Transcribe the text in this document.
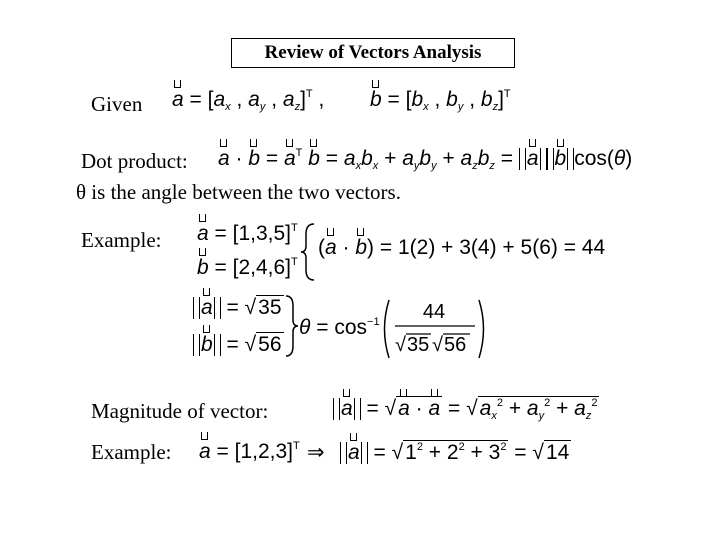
Review of Vectors Analysis
Given $a = [a_x$ , $a_y$ , $a_z]^T$ , $b = [b_x$ , $b_y$ , $b_z]^T$
Dot product: $a \cdot b = a^T$ $b = a_xb_x + a_yb_y + a_zb_z = a$ b cos(θ)
θ is the angle between the two vectors.
Example: $a = [1,3,5]^T$
$b = [2,4,6]^T$
(a · b) = 1(2) + 3(4) + 5(6) = 44
a = √35
b = √56
$\theta = \cos^{-1} 44$
√ 35 √ 56
Magnitude of vector:	$a = √a \cdot a = √a_x^2 + a_y^2 + a_z^2$
Example: $a = [1,2,3]^T$ ⇒	$a = √1^2 + 2^2 + 3^2 = √14$
